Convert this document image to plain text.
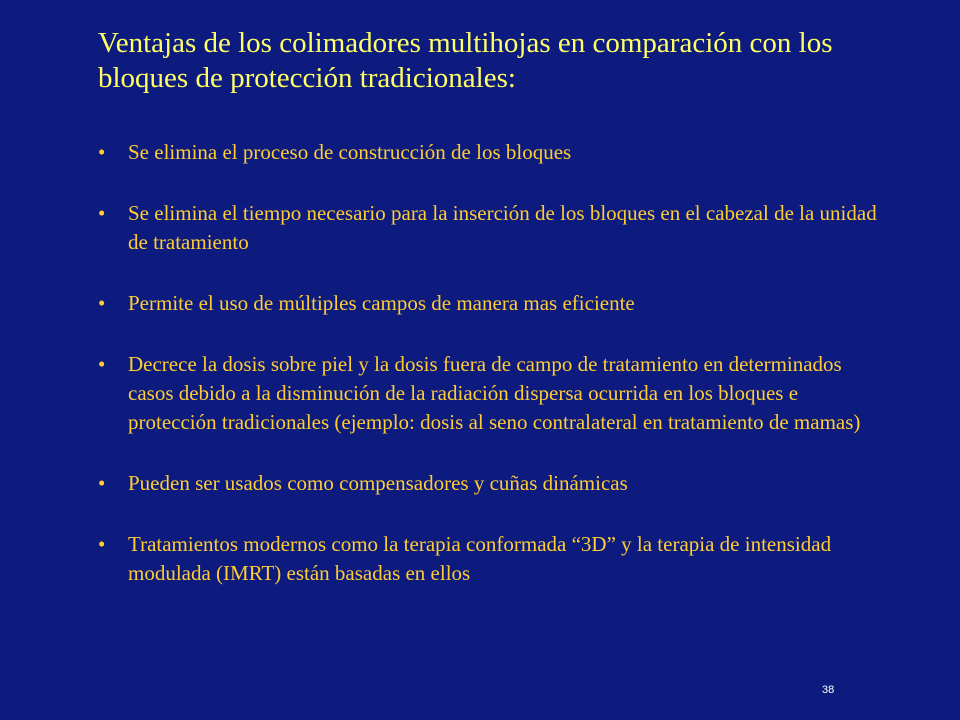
Ventajas de los colimadores multihojas en comparación con los bloques de protección tradicionales:
• Se elimina el proceso de construcción de los bloques
• Se elimina el tiempo necesario para la inserción de los bloques en el cabezal de la unidad de tratamiento
• Permite el uso de múltiples campos de manera mas eficiente
• Decrece la dosis sobre piel y la dosis fuera de campo de tratamiento en determinados casos debido a la disminución de la radiación dispersa ocurrida en los bloques e protección tradicionales (ejemplo: dosis al seno contralateral en tratamiento de mamas)
• Pueden ser usados como compensadores y cuñas dinámicas
• Tratamientos modernos como la terapia conformada “3D” y la terapia de intensidad modulada (IMRT) están basadas en ellos
38
